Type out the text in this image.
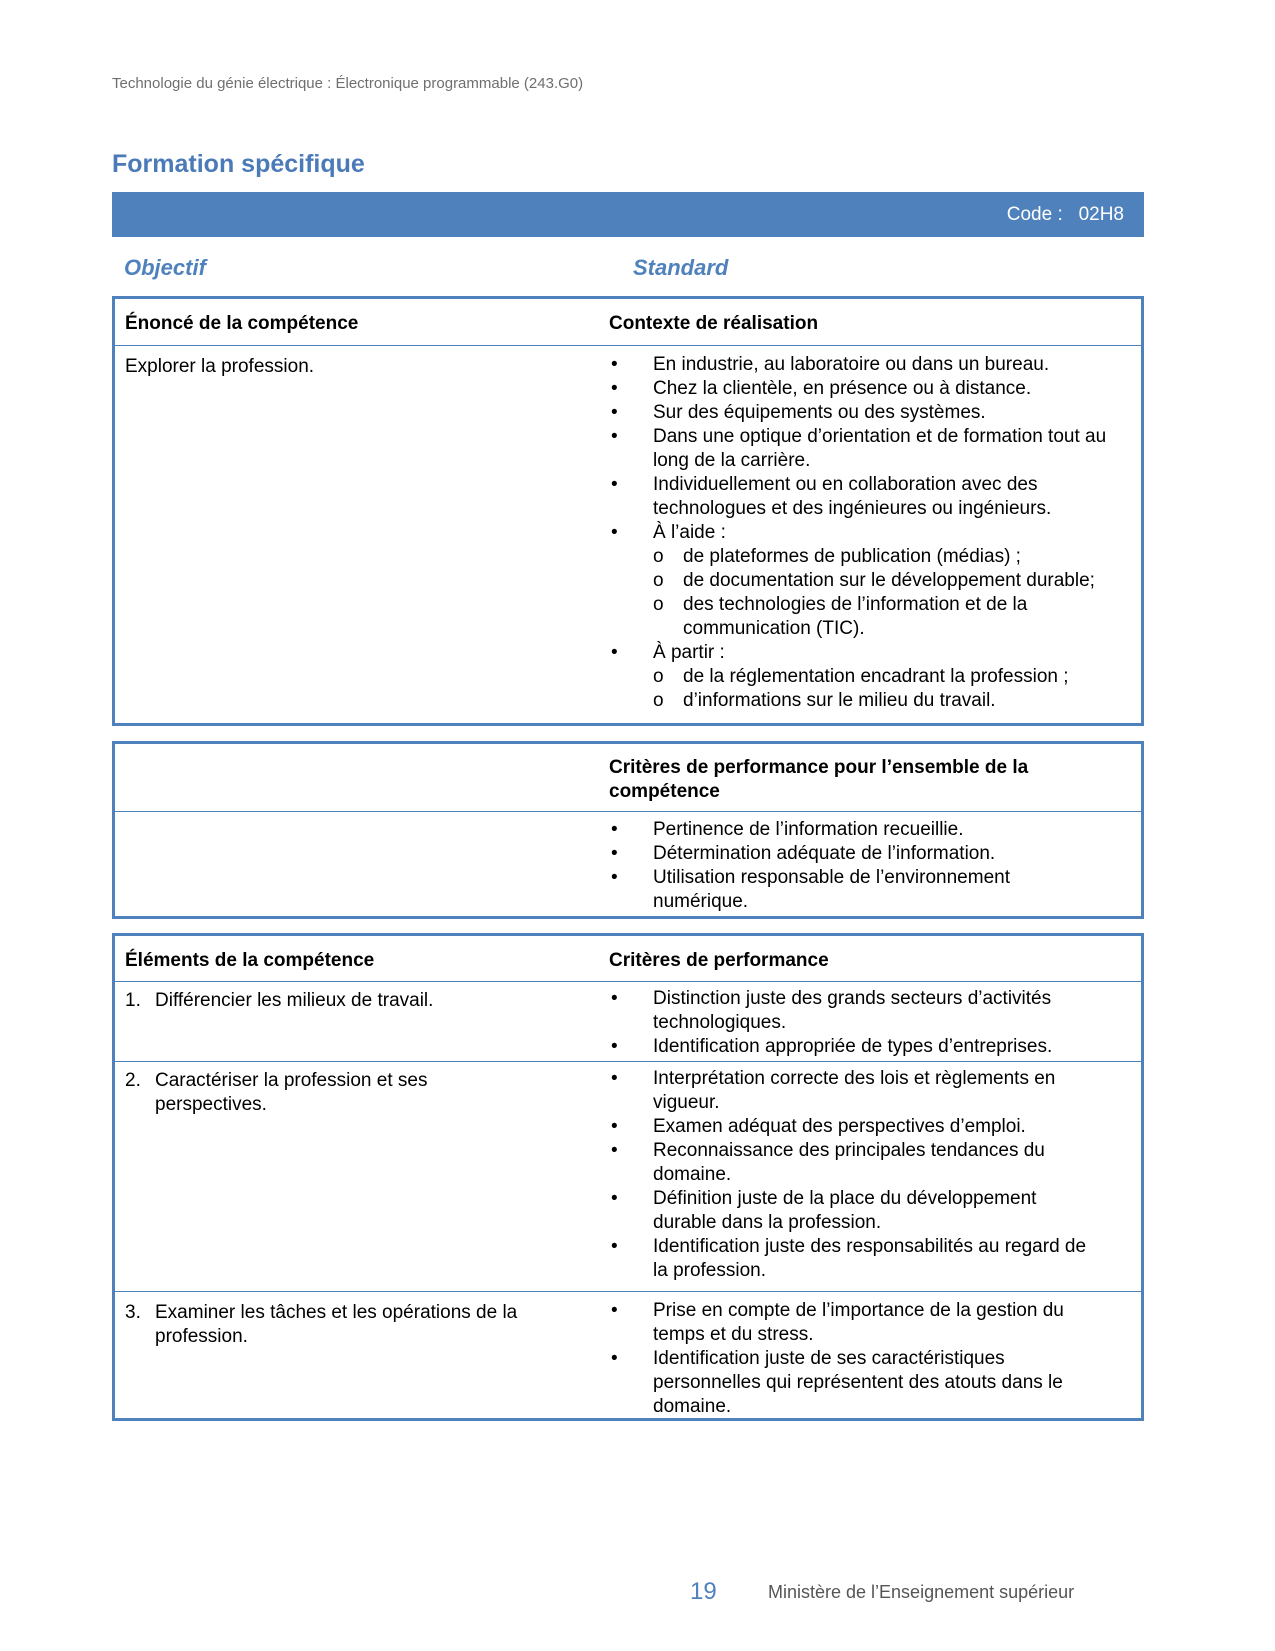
Technologie du génie électrique : Électronique programmable (243.G0)
Formation spécifique
Code :   02H8
Objectif	Standard
Énoncé de la compétence	Contexte de réalisation
Explorer la profession.	• En industrie, au laboratoire ou dans un bureau.
• Chez la clientèle, en présence ou à distance.
• Sur des équipements ou des systèmes.
• Dans une optique d’orientation et de formation tout au long de la carrière.
• Individuellement ou en collaboration avec des technologues et des ingénieures ou ingénieurs.
• À l’aide :
o de plateformes de publication (médias) ;
o de documentation sur le développement durable;
o des technologies de l’information et de la communication (TIC).
• À partir :
o de la réglementation encadrant la profession ;
o d’informations sur le milieu du travail.
Critères de performance pour l’ensemble de la compétence
• Pertinence de l’information recueillie.
• Détermination adéquate de l’information.
• Utilisation responsable de l’environnement numérique.
Éléments de la compétence	Critères de performance
1. Différencier les milieux de travail.	• Distinction juste des grands secteurs d’activités technologiques.
• Identification appropriée de types d’entreprises.
2. Caractériser la profession et ses perspectives.
• Interprétation correcte des lois et règlements en vigueur.
• Examen adéquat des perspectives d’emploi.
• Reconnaissance des principales tendances du domaine.
• Définition juste de la place du développement durable dans la profession.
• Identification juste des responsabilités au regard de la profession.
3. Examiner les tâches et les opérations de la profession.
• Prise en compte de l’importance de la gestion du temps et du stress.
• Identification juste de ses caractéristiques personnelles qui représentent des atouts dans le domaine.
19	Ministère de l’Enseignement supérieur
